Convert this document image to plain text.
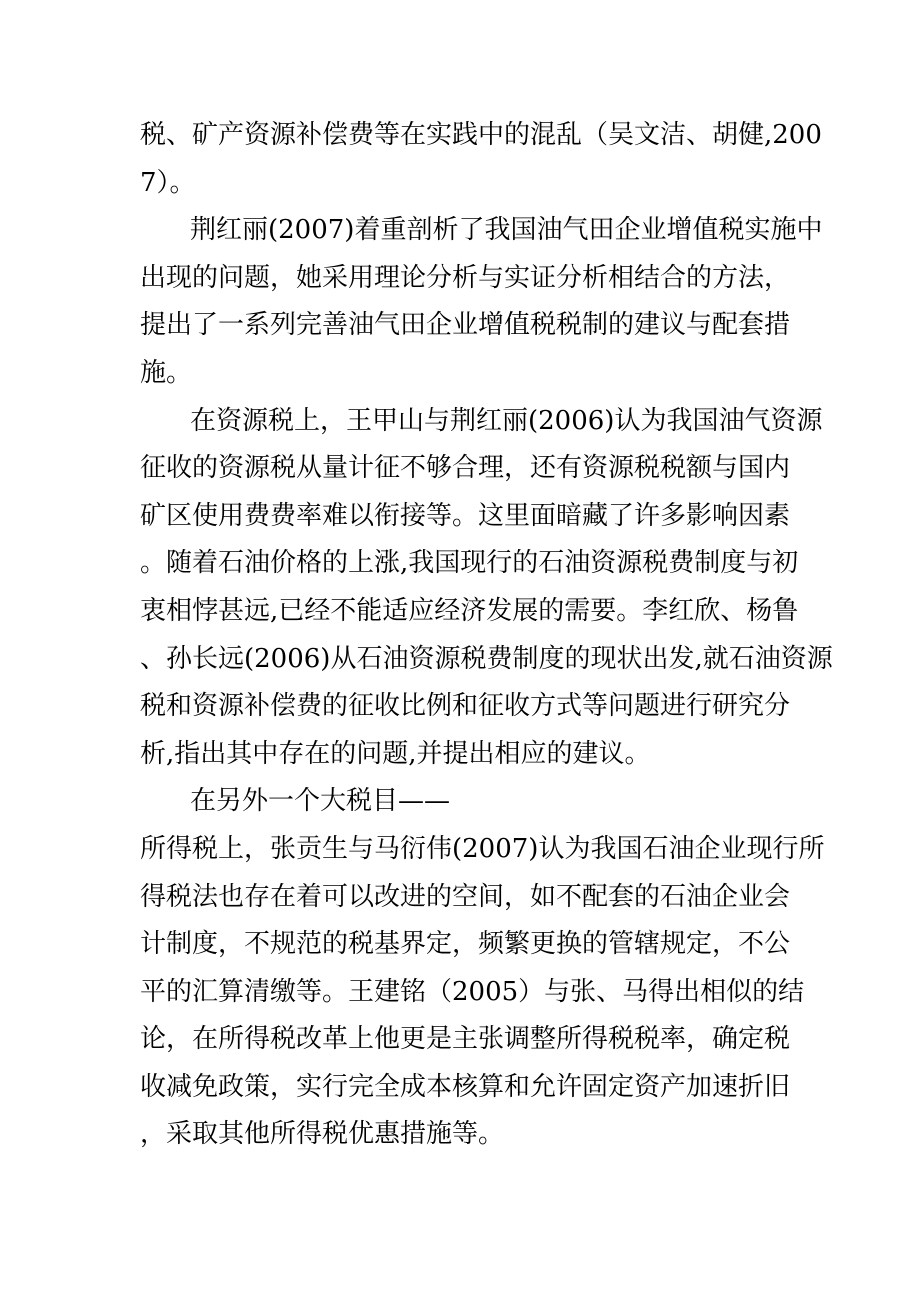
税、矿产资源补偿费等在实践中的混乱（吴文洁、胡健,200
7）。
荆红丽(2007)着重剖析了我国油气田企业增值税实施中
出现的问题，她采用理论分析与实证分析相结合的方法，
提出了一系列完善油气田企业增值税税制的建议与配套措
施。
在资源税上，王甲山与荆红丽(2006)认为我国油气资源
征收的资源税从量计征不够合理，还有资源税税额与国内
矿区使用费费率难以衔接等。这里面暗藏了许多影响因素
。随着石油价格的上涨,我国现行的石油资源税费制度与初
衷相悖甚远,已经不能适应经济发展的需要。李红欣、杨鲁
、孙长远(2006)从石油资源税费制度的现状出发,就石油资源
税和资源补偿费的征收比例和征收方式等问题进行研究分
析,指出其中存在的问题,并提出相应的建议。
在另外一个大税目——
所得税上，张贡生与马衍伟(2007)认为我国石油企业现行所
得税法也存在着可以改进的空间，如不配套的石油企业会
计制度，不规范的税基界定，频繁更换的管辖规定，不公
平的汇算清缴等。王建铭（2005）与张、马得出相似的结
论，在所得税改革上他更是主张调整所得税税率，确定税
收减免政策，实行完全成本核算和允许固定资产加速折旧
，采取其他所得税优惠措施等。
